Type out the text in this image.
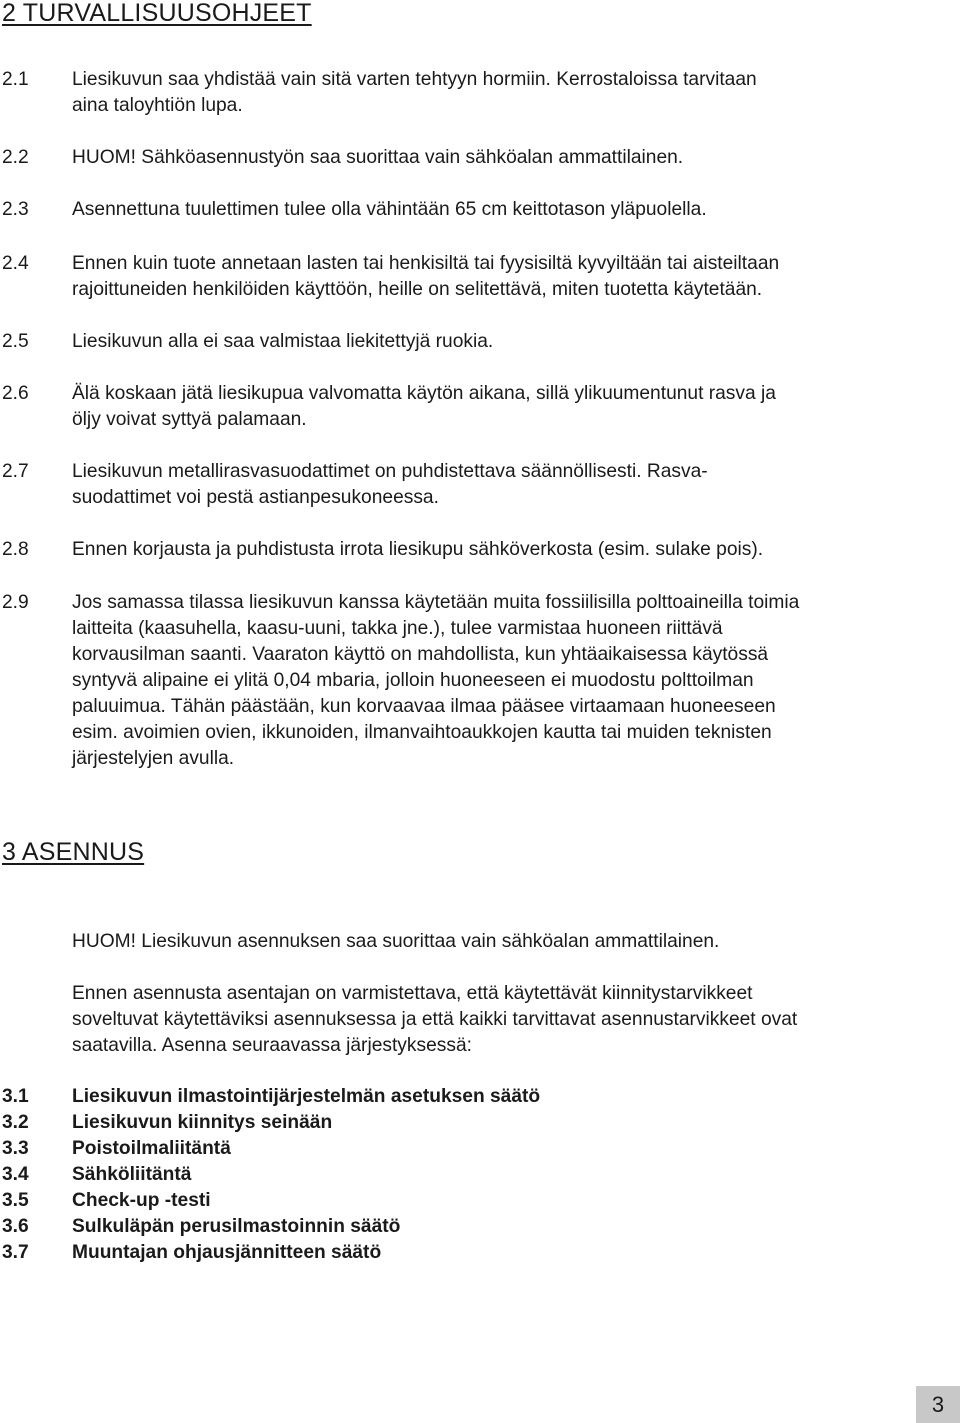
2 TURVALLISUUSOHJEET
2.1 Liesikuvun saa yhdistää vain sitä varten tehtyyn hormiin. Kerrostaloissa tarvitaan
aina taloyhtiön lupa.
2.2 HUOM! Sähköasennustyön saa suorittaa vain sähköalan ammattilainen.
2.3 Asennettuna tuulettimen tulee olla vähintään 65 cm keittotason yläpuolella.
2.4 Ennen kuin tuote annetaan lasten tai henkisiltä tai fyysisiltä kyvyiltään tai aisteiltaan
rajoittuneiden henkilöiden käyttöön, heille on selitettävä, miten tuotetta käytetään.
2.5 Liesikuvun alla ei saa valmistaa liekitettyjä ruokia.
2.6 Älä koskaan jätä liesikupua valvomatta käytön aikana, sillä ylikuumentunut rasva ja
öljy voivat syttyä palamaan.
2.7 Liesikuvun metallirasvasuodattimet on puhdistettava säännöllisesti. Rasva-
suodattimet voi pestä astianpesukoneessa.
2.8 Ennen korjausta ja puhdistusta irrota liesikupu sähköverkosta (esim. sulake pois).
2.9 Jos samassa tilassa liesikuvun kanssa käytetään muita fossiilisilla polttoaineilla toimia
laitteita (kaasuhella, kaasu-uuni, takka jne.), tulee varmistaa huoneen riittävä
korvausilman saanti. Vaaraton käyttö on mahdollista, kun yhtäaikaisessa käytössä
syntyvä alipaine ei ylitä 0,04 mbaria, jolloin huoneeseen ei muodostu polttoilman
paluuimua. Tähän päästään, kun korvaavaa ilmaa pääsee virtaamaan huoneeseen
esim. avoimien ovien, ikkunoiden, ilmanvaihtoaukkojen kautta tai muiden teknisten
järjestelyjen avulla.
3 ASENNUS
HUOM! Liesikuvun asennuksen saa suorittaa vain sähköalan ammattilainen.
Ennen asennusta asentajan on varmistettava, että käytettävät kiinnitystarvikkeet
soveltuvat käytettäviksi asennuksessa ja että kaikki tarvittavat asennustarvikkeet ovat
saatavilla. Asenna seuraavassa järjestyksessä:
3.1 Liesikuvun ilmastointijärjestelmän asetuksen säätö
3.2 Liesikuvun kiinnitys seinään
3.3 Poistoilmaliitäntä
3.4 Sähköliitäntä
3.5 Check-up -testi
3.6 Sulkuläpän perusilmastoinnin säätö
3.7 Muuntajan ohjausjännitteen säätö
3
